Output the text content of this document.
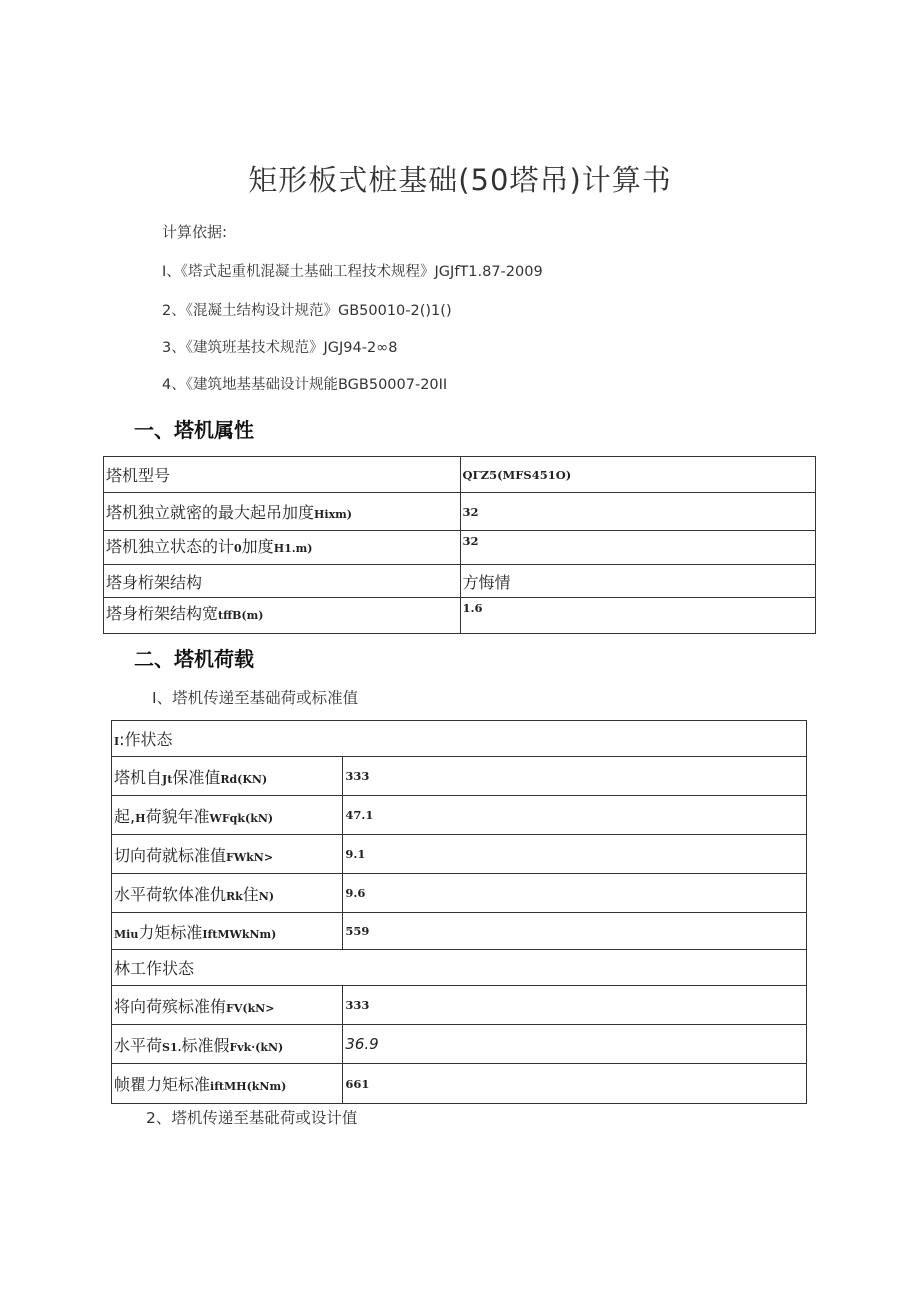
矩形板式桩基础(50塔吊)计算书
计算依据:
I、《塔式起重机混凝土基础工程技术规程》JGJfT1.87-2009
2、《混凝土结构设计规范》GB50010-2()1()
3、《建筑班基技术规范》JGJ94-2∞8
4、《建筑地基基础设计规能BGB50007-20II
一、塔机属性
塔机型号	QΓZ5(MFS451O)
塔机独立就密的最大起吊加度Hixm)	32
塔机独立状态的计0加度H1.m)	32
塔身桁架结构	方悔情
塔身桁架结构宽tffB(m)	1.6
二、塔机荷载
I、塔机传递至基础荷或标准值
I:作状态	
塔机自Jt保准值Rd(KN)	333
起,H荷貌年准WFqk(kN)	47.1
切向荷就标准值FWkN>	9.1
水平荷软体准仇Rk住N)	9.6
Miu力矩标准IftMWkNm)	559
林工作状态	
将向荷殡标准侑FV(kN>	333
水平荷S1.标准假Fvk·(kN)	36.9
帧瞿力矩标准iftMH(kNm)	661
2、塔机传递至基砒荷或设计值
